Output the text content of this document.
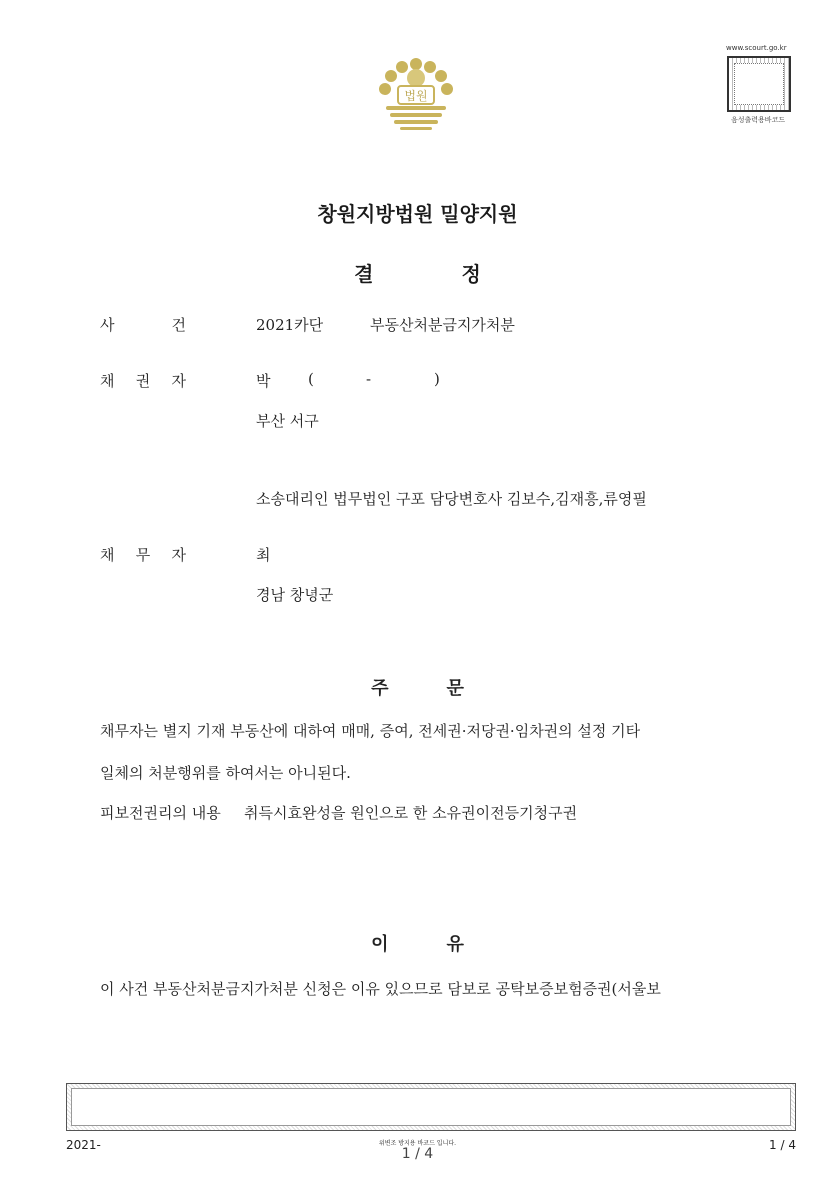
법원
www.scourt.go.kr
음성출력용바코드
창원지방법원 밀양지원
결정
사	건	2021카단	부동산처분금지가처분
채 권 자	박	(	-	)
부산 서구
소송대리인 법무법인 구포 담당변호사 김보수,김재흥,류영필
채 무 자	최
경남 창녕군
주문
채무자는 별지 기재 부동산에 대하여 매매, 증여, 전세권·저당권·임차권의 설정 기타
일체의 처분행위를 하여서는 아니된다.
피보전권리의 내용 취득시효완성을 원인으로 한 소유권이전등기청구권
이유
이 사건 부동산처분금지가처분 신청은 이유 있으므로 담보로 공탁보증보험증권(서울보
2021-	위변조 방지용 바코드 입니다.
1 / 4
1 / 4
